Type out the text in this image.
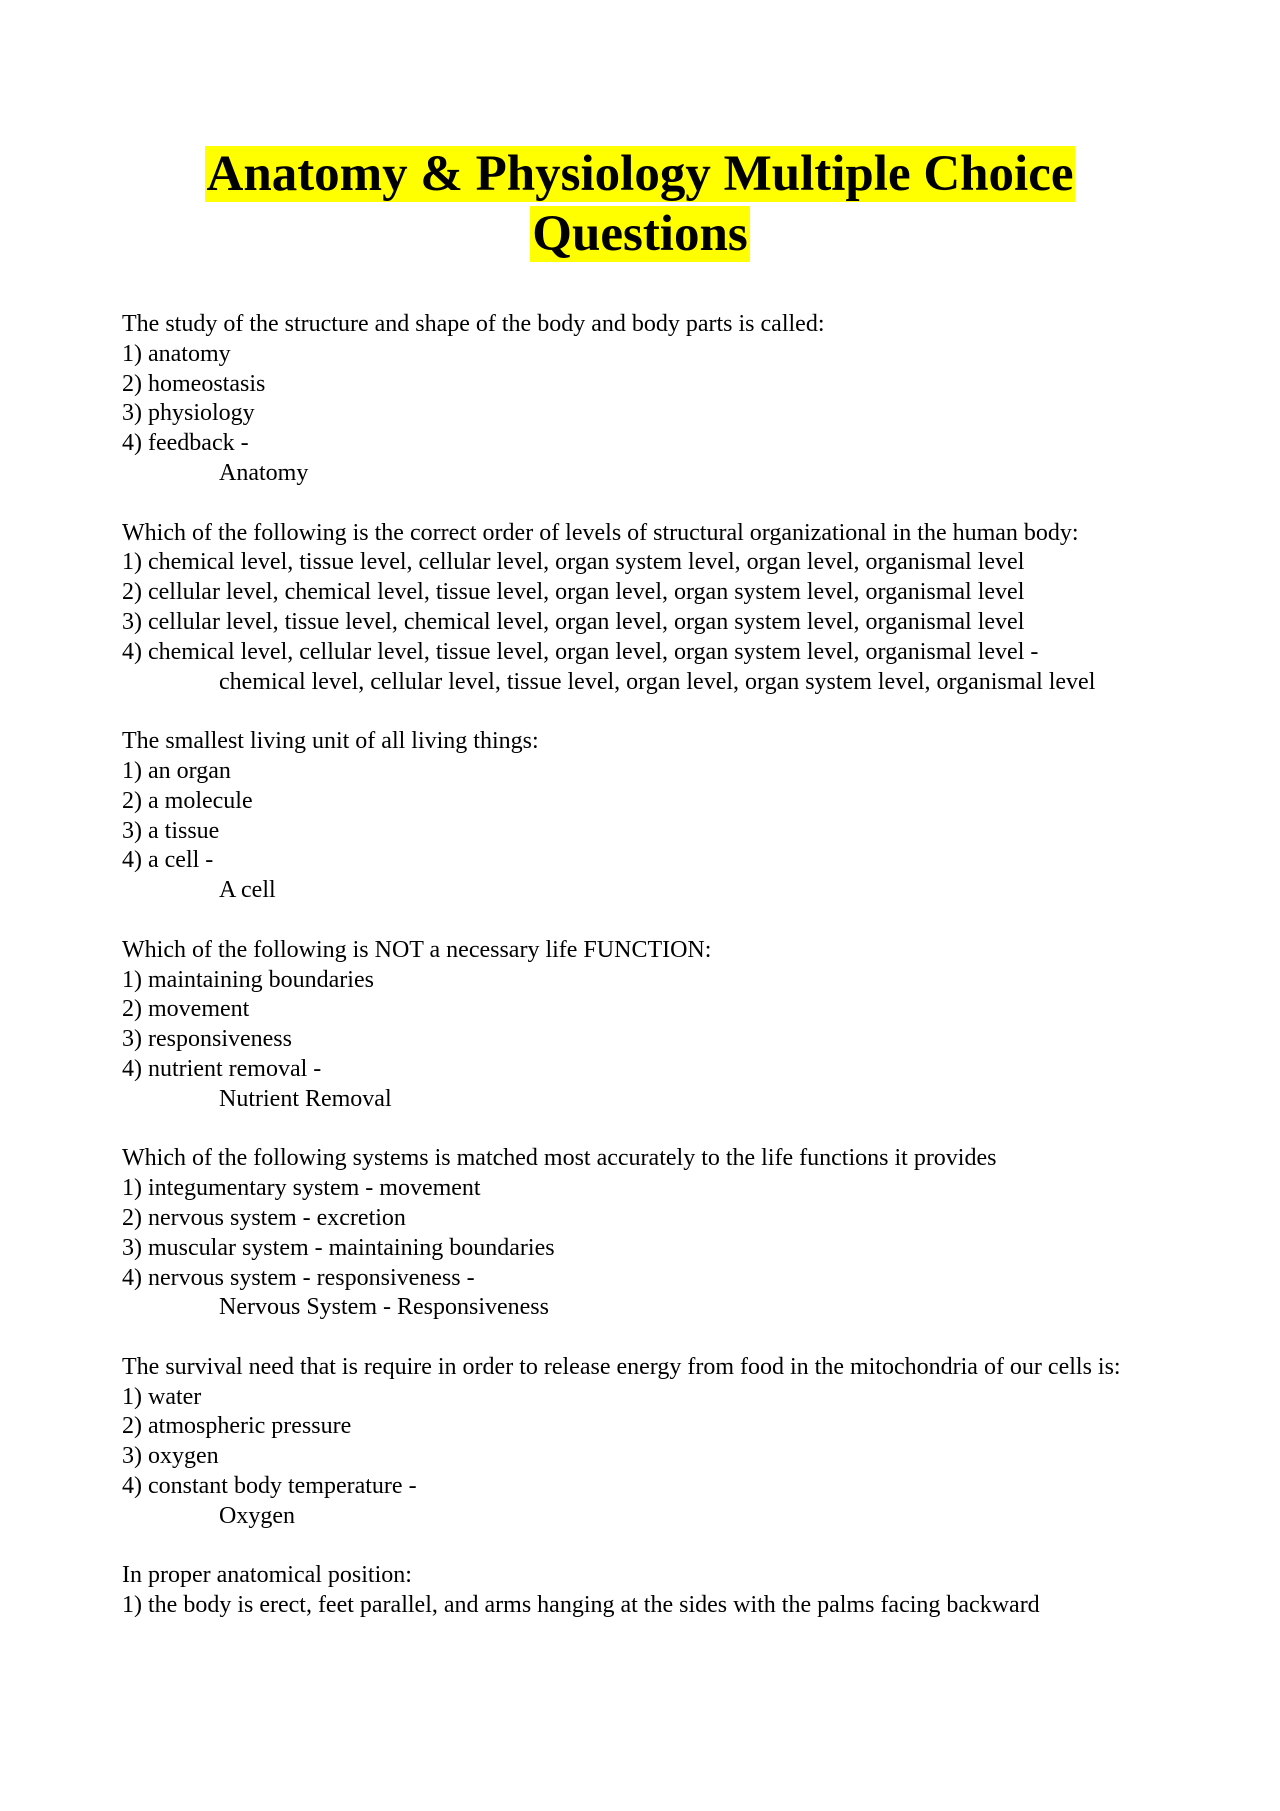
Anatomy & Physiology Multiple Choice
Questions
The study of the structure and shape of the body and body parts is called:
1) anatomy
2) homeostasis
3) physiology
4) feedback -
Anatomy
Which of the following is the correct order of levels of structural organizational in the human body:
1) chemical level, tissue level, cellular level, organ system level, organ level, organismal level
2) cellular level, chemical level, tissue level, organ level, organ system level, organismal level
3) cellular level, tissue level, chemical level, organ level, organ system level, organismal level
4) chemical level, cellular level, tissue level, organ level, organ system level, organismal level -
chemical level, cellular level, tissue level, organ level, organ system level, organismal level
The smallest living unit of all living things:
1) an organ
2) a molecule
3) a tissue
4) a cell -
A cell
Which of the following is NOT a necessary life FUNCTION:
1) maintaining boundaries
2) movement
3) responsiveness
4) nutrient removal -
Nutrient Removal
Which of the following systems is matched most accurately to the life functions it provides
1) integumentary system - movement
2) nervous system - excretion
3) muscular system - maintaining boundaries
4) nervous system - responsiveness -
Nervous System - Responsiveness
The survival need that is require in order to release energy from food in the mitochondria of our cells is:
1) water
2) atmospheric pressure
3) oxygen
4) constant body temperature -
Oxygen
In proper anatomical position:
1) the body is erect, feet parallel, and arms hanging at the sides with the palms facing backward
